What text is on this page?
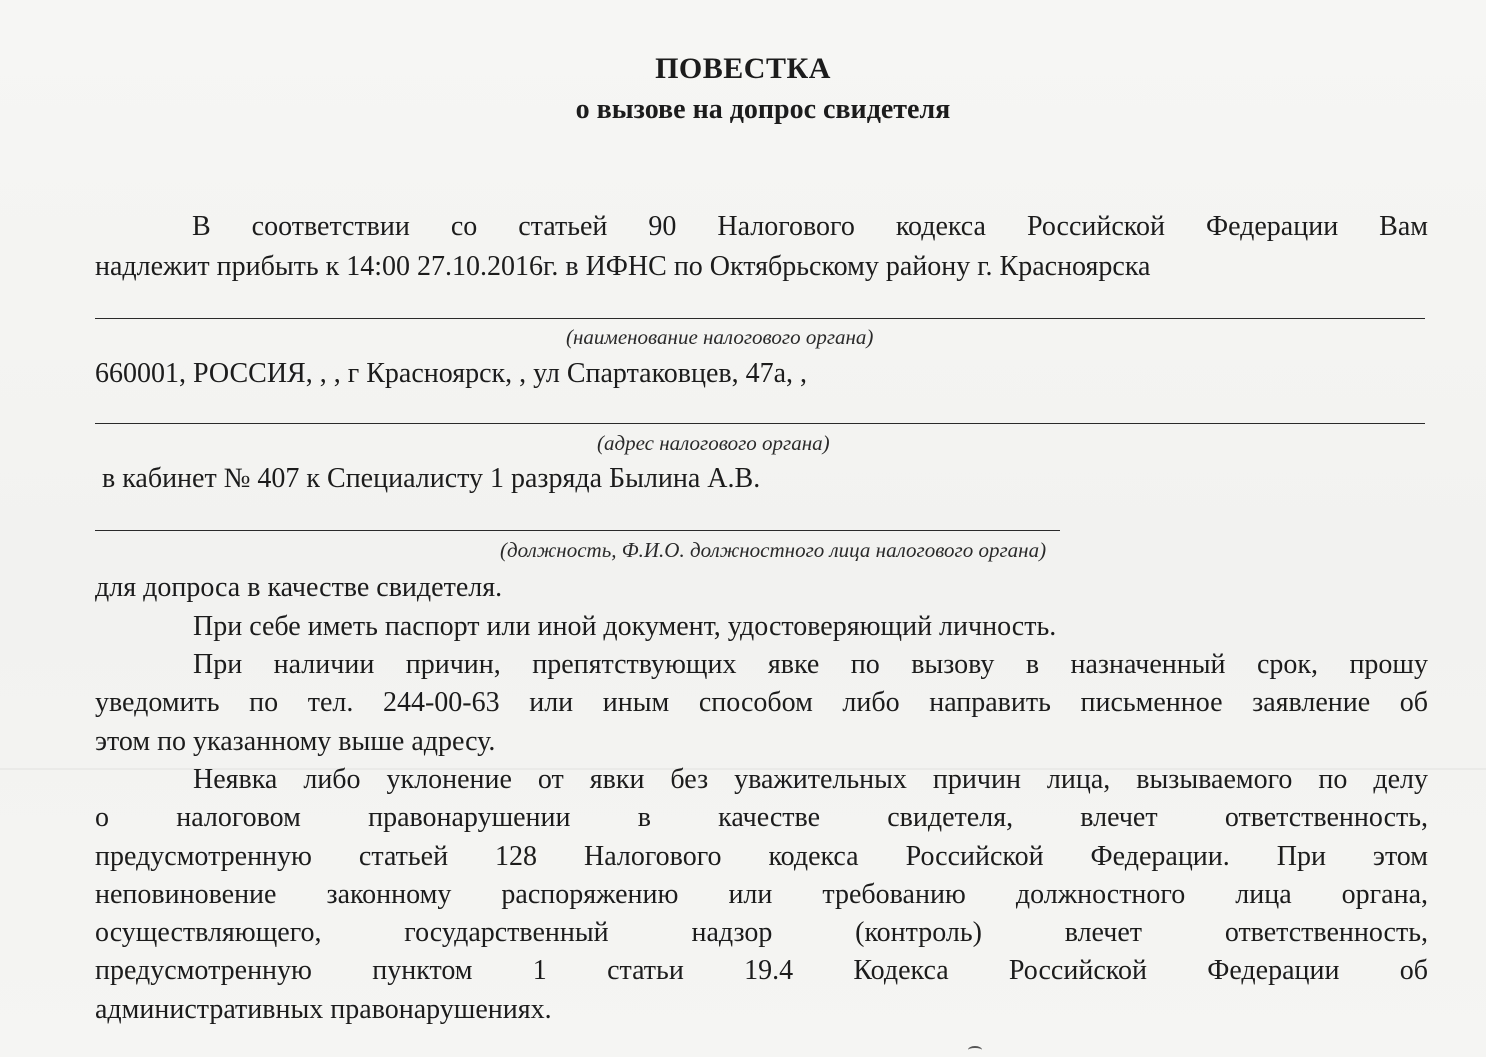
ПОВЕСТКА
о вызове на допрос свидетеля
В соответствии со статьей 90 Налогового кодекса Российской Федерации Вам
надлежит прибыть к 14:00 27.10.2016г. в ИФНС по Октябрьскому району г. Красноярска
(наименование налогового органа)
660001, РОССИЯ, , , г Красноярск, , ул Спартаковцев, 47а, ,
(адрес налогового органа)
в кабинет № 407 к Специалисту 1 разряда Былина А.В.
(должность, Ф.И.О. должностного лица налогового органа)
для допроса в качестве свидетеля.
При себе иметь паспорт или иной документ, удостоверяющий личность.
При наличии причин, препятствующих явке по вызову в назначенный срок, прошу
уведомить по тел. 244-00-63 или иным способом либо направить письменное заявление об
этом по указанному выше адресу.
Неявка либо уклонение от явки без уважительных причин лица, вызываемого по делу
о налоговом правонарушении в качестве свидетеля, влечет ответственность,
предусмотренную статьей 128 Налогового кодекса Российской Федерации. При этом
неповиновение законному распоряжению или требованию должностного лица органа,
осуществляющего, государственный надзор (контроль) влечет ответственность,
предусмотренную пунктом 1 статьи 19.4 Кодекса Российской Федерации об
административных правонарушениях.
